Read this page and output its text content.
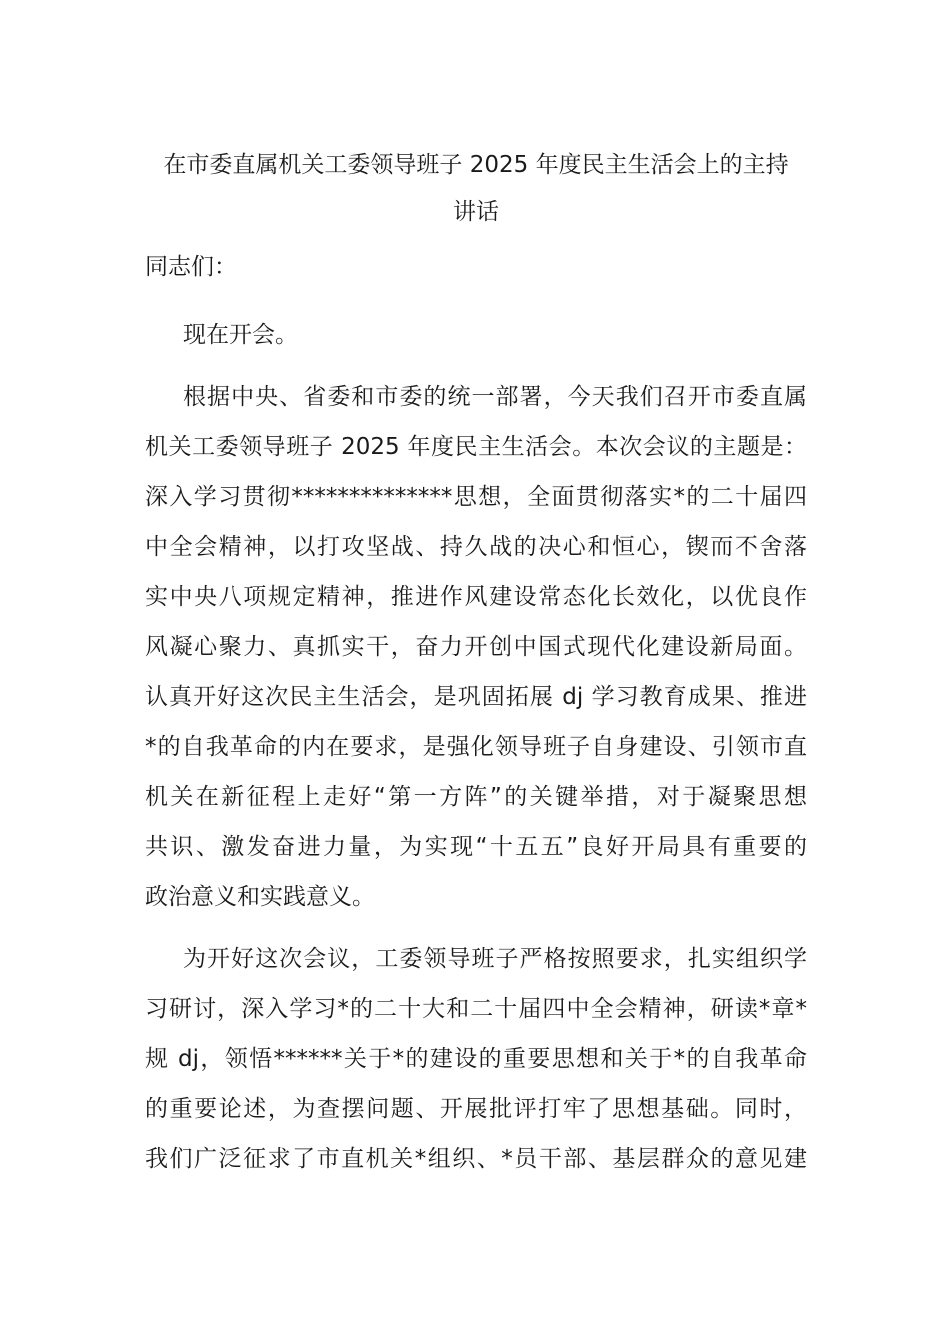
在市委直属机关工委领导班子 2025 年度民主生活会上的主持
讲话
同志们：
现在开会。
根据中央、省委和市委的统一部署，今天我们召开市委直属
机关工委领导班子 2025 年度民主生活会。本次会议的主题是：
深入学习贯彻**************思想，全面贯彻落实*的二十届四
中全会精神，以打攻坚战、持久战的决心和恒心，锲而不舍落
实中央八项规定精神，推进作风建设常态化长效化，以优良作
风凝心聚力、真抓实干，奋力开创中国式现代化建设新局面。
认真开好这次民主生活会，是巩固拓展 dj 学习教育成果、推进
*的自我革命的内在要求，是强化领导班子自身建设、引领市直
机关在新征程上走好“第一方阵”的关键举措，对于凝聚思想
共识、激发奋进力量，为实现“十五五”良好开局具有重要的
政治意义和实践意义。
为开好这次会议，工委领导班子严格按照要求，扎实组织学
习研讨，深入学习*的二十大和二十届四中全会精神，研读*章*
规 dj，领悟******关于*的建设的重要思想和关于*的自我革命
的重要论述，为查摆问题、开展批评打牢了思想基础。同时，
我们广泛征求了市直机关*组织、*员干部、基层群众的意见建
